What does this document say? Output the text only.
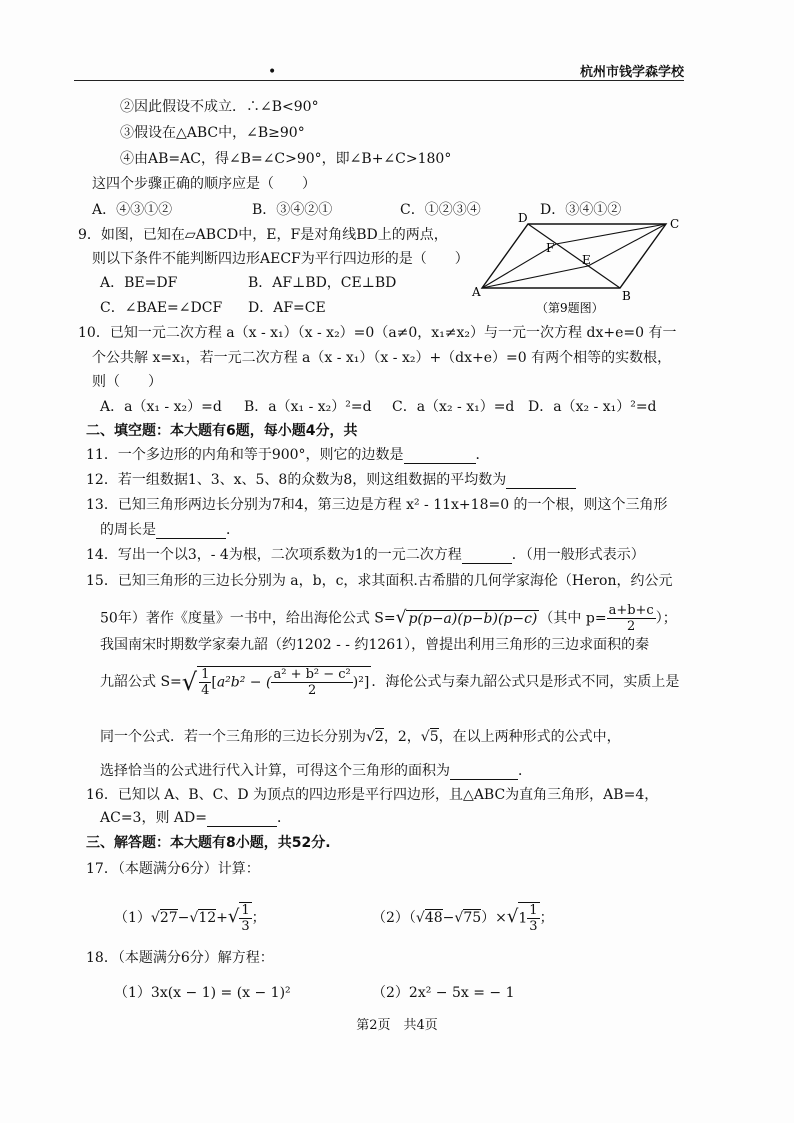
•	杭州市钱学森学校
②因此假设不成立．∴∠B<90°
③假设在△ABC中，∠B≥90°
④由AB=AC，得∠B=∠C>90°，即∠B+∠C>180°
这四个步骤正确的顺序应是（　　）
A．④③①②	B．③④②①	C．①②③④	D．③④①②
9．如图，已知在▱ABCD中，E，F是对角线BD上的两点，
则以下条件不能判断四边形AECF为平行四边形的是（　　）
A．BE=DF	B．AF⊥BD，CE⊥BD
C．∠BAE=∠DCF D．AF=CE
A	B
C
D
E
F
（第9题图）
10．已知一元二次方程 a（x - x₁）（x - x₂）=0（a≠0，x₁≠x₂）与一元一次方程 dx+e=0 有一
个公共解 x=x₁，若一元二次方程 a（x - x₁）（x - x₂）+（dx+e）=0 有两个相等的实数根，
则（　　）
A．a（x₁ - x₂）=d B．a（x₁ - x₂）²=d C．a（x₂ - x₁）=d D．a（x₂ - x₁）²=d
二、填空题：本大题有6题，每小题4分，共
11．一个多边形的内角和等于900°，则它的边数是	．
12．若一组数据1、3、x、5、8的众数为8，则这组数据的平均数为
13．已知三角形两边长分别为7和4，第三边是方程 x² - 11x+18=0 的一个根，则这个三角形
的周长是	．
14．写出一个以3，- 4为根，二次项系数为1的一元二次方程	．（用一般形式表示）
15．已知三角形的三边长分别为 a，b，c，求其面积.古希腊的几何学家海伦（Heron，约公元
50年）著作《度量》一书中，给出海伦公式 S=√ p(p−a)(p−b)(p−c) （其中 $p= \frac{a+b+c}{2}$ ）；
我国南宋时期数学家秦九韶（约1202 - - 约1261），曾提出利用三角形的三边求面积的秦
九韶公式 $S=√ \frac{1}{4} [a^2b^2$ − ( $\frac{\text{a² + b² − c²}}{2} )^2$] ．海伦公式与秦九韶公式只是形式不同，实质上是
同一个公式．若一个三角形的三边长分别为√2，2，√5，在以上两种形式的公式中，
选择恰当的公式进行代入计算，可得这个三角形的面积为	．
16．已知以 A、B、C、D 为顶点的四边形是平行四边形，且△ABC为直角三角形，AB=4，
AC=3，则 AD=	．
三、解答题：本大题有8小题，共52分.
17．（本题满分6分）计算：
$(1)√27-√12+√ \frac{1}{3}$ ；	$(2)(√48-√75)\times√1 \frac{1}{3}$ ；
18．（本题满分6分）解方程：
（1）3x(x − 1) = (x − 1)²	（2）2x² − 5x = − 1
第2页　共4页
